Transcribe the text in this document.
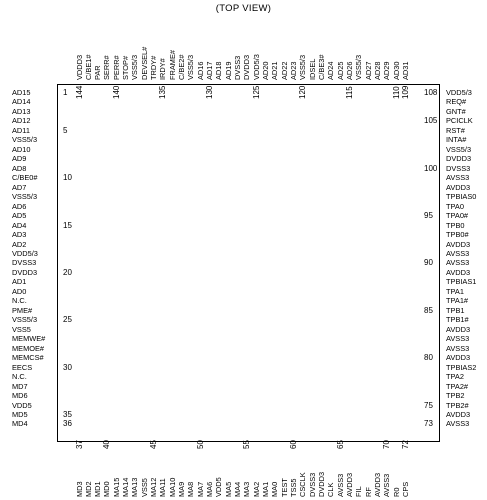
(TOP VIEW)
AD15
AD14
AD13
AD12
AD11
VSS5/3
AD10
AD9
AD8
C/BE0#
AD7
VSS5/3
AD6
AD5
AD4
AD3
AD2
VDD5/3
DVSS3
DVDD3
AD1
AD0
N.C.
PME#
VSS5/3
VSS5
MEMWE#
MEMOE#
MEMCS#
EECS
N.C.
MD7
MD6
VDD5
MD5
MD4
1
5
10
15
20
25
30
35
36
VDD5/3
REQ#
GNT#
PCICLK
RST#
INTA#
VSS5/3
DVDD3
DVSS3
AVSS3
AVDD3
TPBIAS0
TPA0
TPA0#
TPB0
TPB0#
AVDD3
AVSS3
AVSS3
AVDD3
TPBIAS1
TPA1
TPA1#
TPB1
TPB1#
AVDD3
AVSS3
AVSS3
AVDD3
TPBIAS2
TPA2
TPA2#
TPB2
TPB2#
AVDD3
AVSS3
108
105
100
95
90
85
80
75
73
VDDD3 C/BE1# PAR SERR# PERR# STOP# VSS5/3 DEVSEL# TRDY# IRDY# FRAME# C/BE2# VSS5/3 AD16 AD17 AD18 AD19 DVSS3 DVDD3 VDD5/3 AD20 AD21 AD22 AD23 VSS5/3 IDSEL C/BE3# AD24 AD25 AD26 VSS5/3 AD27 AD28 AD29 AD30 AD31
144	140	135	130	125	120	115	110 109
MD3 MD2 MD1 MD0 MA15 MA14 MA13 VSS5 MA12 MA11 MA10 MA9 MA8 MA7 MA6 VDD5 MA5 MA4 MA3 MA2 MA1 MA0 TEST TSS5 CSCLK DVSS3 DVDD3 CLK AVSS3 AVDD3 FIL RF AVDD3 AVSS3 R0 CPS
37 40	45	50	55	60	65	70 72
